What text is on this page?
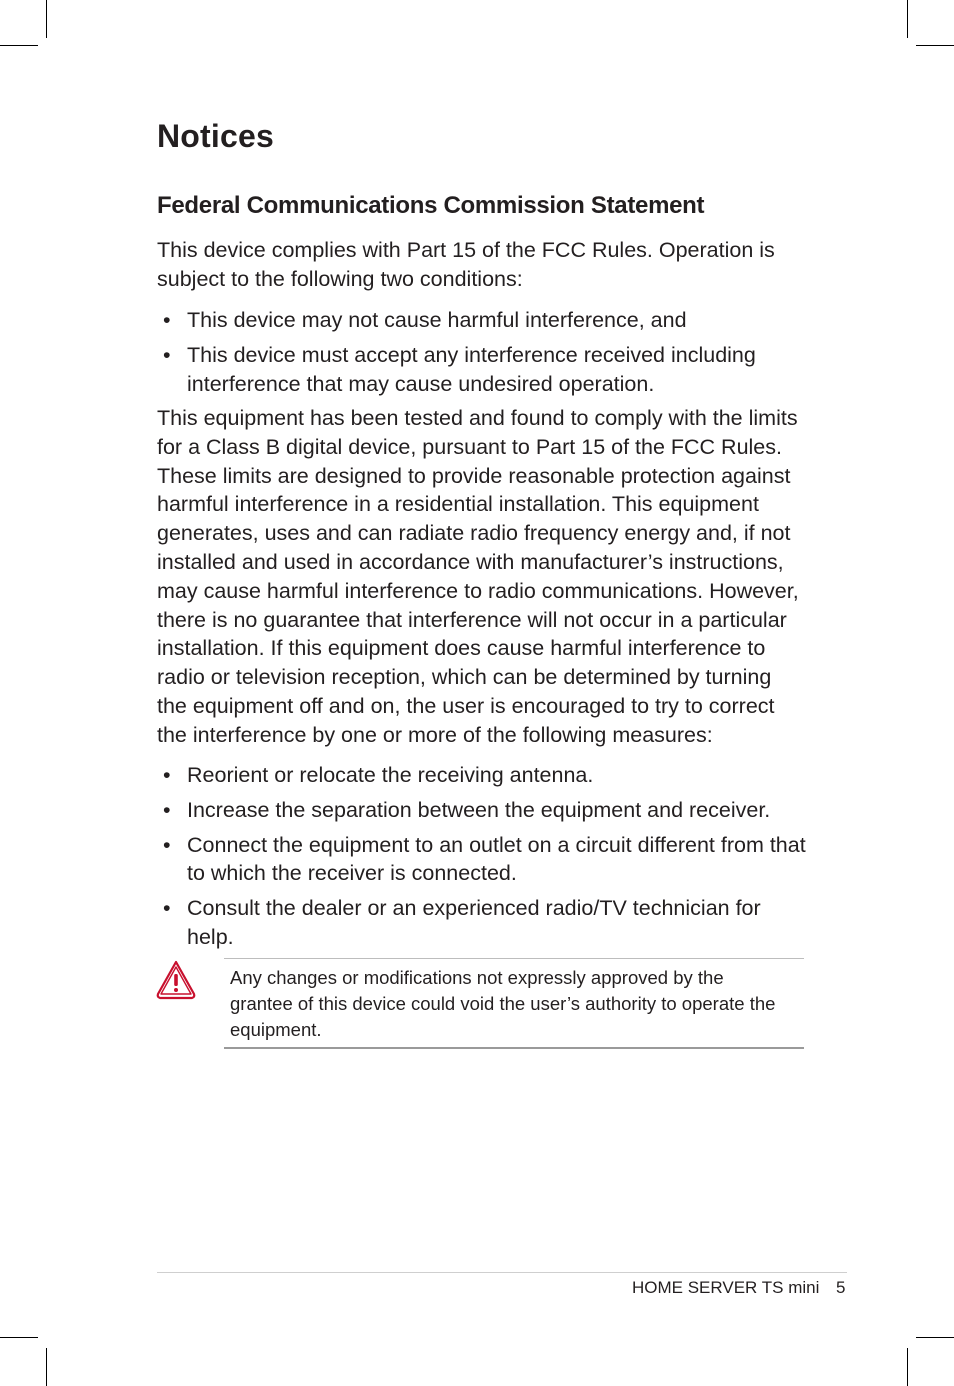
Notices
Federal Communications Commission Statement

This device complies with Part 15 of the FCC Rules. Operation is subject to the following two conditions:

• This device may not cause harmful interference, and
• This device must accept any interference received including interference that may cause undesired operation.

This equipment has been tested and found to comply with the limits for a Class B digital device, pursuant to Part 15 of the FCC Rules. These limits are designed to provide reasonable protection against harmful interference in a residential installation. This equipment generates, uses and can radiate radio frequency energy and, if not installed and used in accordance with manufacturer’s instructions, may cause harmful interference to radio communications. However, there is no guarantee that interference will not occur in a particular installation. If this equipment does cause harmful interference to radio or television reception, which can be determined by turning the equipment off and on, the user is encouraged to try to correct the interference by one or more of the following measures:

• Reorient or relocate the receiving antenna.
• Increase the separation between the equipment and receiver.
• Connect the equipment to an outlet on a circuit different from that to which the receiver is connected.
• Consult the dealer or an experienced radio/TV technician for help.

Any changes or modifications not expressly approved by the grantee of this device could void the user’s authority to operate the equipment.

HOME SERVER TS mini 5
